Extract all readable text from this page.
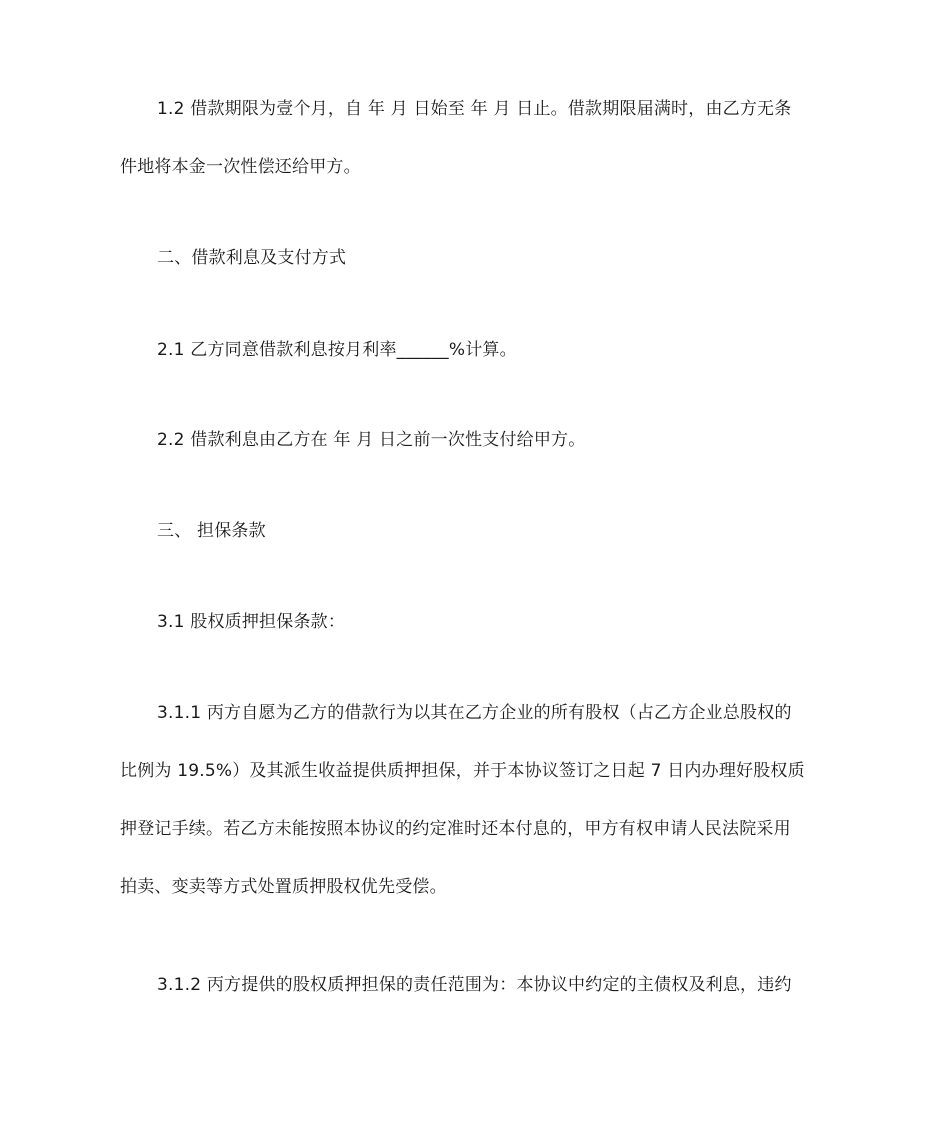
1.2 借款期限为壹个月，自 年 月 日始至 年 月 日止。借款期限届满时，由乙方无条
件地将本金一次性偿还给甲方。
二、借款利息及支付方式
2.1 乙方同意借款利息按月利率______%计算。
2.2 借款利息由乙方在 年 月 日之前一次性支付给甲方。
三、 担保条款
3.1 股权质押担保条款：
3.1.1 丙方自愿为乙方的借款行为以其在乙方企业的所有股权（占乙方企业总股权的
比例为 19.5%）及其派生收益提供质押担保，并于本协议签订之日起 7 日内办理好股权质
押登记手续。若乙方未能按照本协议的约定准时还本付息的，甲方有权申请人民法院采用
拍卖、变卖等方式处置质押股权优先受偿。
3.1.2 丙方提供的股权质押担保的责任范围为：本协议中约定的主债权及利息，违约
